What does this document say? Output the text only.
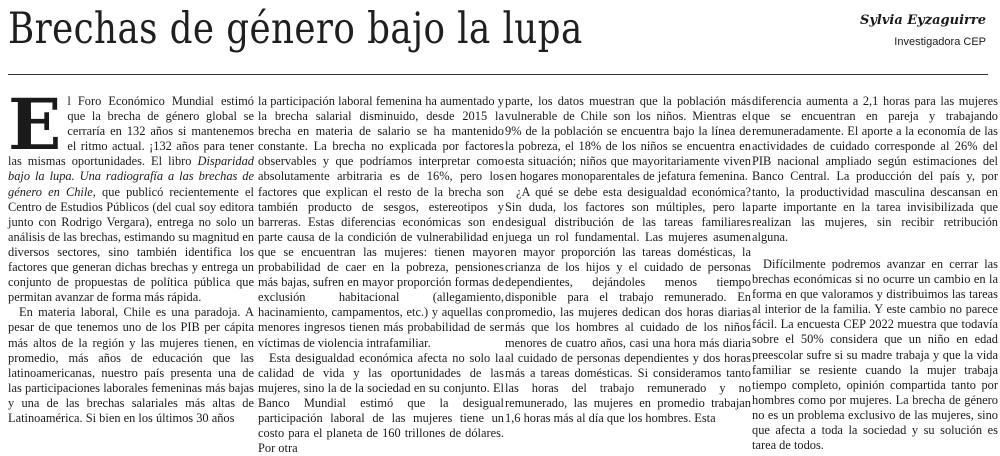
Brechas de género bajo la lupa	Sylvia Eyzaguirre
Investigadora CEP

El Foro Económico Mundial estimó que la brecha de género global se cerraría en 132 años si mantenemos el ritmo actual. ¡132 años para tener las mismas oportunidades. El libro Disparidad bajo la lupa. Una radiografía a las brechas de género en Chile, que publicó recientemente el Centro de Estudios Públicos (del cual soy editora junto con Rodrigo Vergara), entrega no solo un análisis de las brechas, estimando su magnitud en diversos sectores, sino también identifica los factores que generan dichas brechas y entrega un conjunto de propuestas de política pública que permitan avanzar de forma más rápida.

En materia laboral, Chile es una paradoja. A pesar de que tenemos uno de los PIB per cápita más altos de la región y las mujeres tienen, en promedio, más años de educación que las latinoamericanas, nuestro país presenta una de las participaciones laborales femeninas más bajas y una de las brechas salariales más altas de Latinoamérica. Si bien en los últimos 30 años

la participación laboral femenina ha aumentado y la brecha salarial disminuido, desde 2015 la brecha en materia de salario se ha mantenido constante. La brecha no explicada por factores observables y que podríamos interpretar como absolutamente arbitraria es de 16%, pero los factores que explican el resto de la brecha son también producto de sesgos, estereotipos y barreras. Estas diferencias económicas son en parte causa de la condición de vulnerabilidad en que se encuentran las mujeres: tienen mayor probabilidad de caer en la pobreza, pensiones más bajas, sufren en mayor proporción formas de exclusión habitacional (allegamiento, hacinamiento, campamentos, etc.) y aquellas con menores ingresos tienen más probabilidad de ser víctimas de violencia intrafamiliar.

Esta desigualdad económica afecta no solo la calidad de vida y las oportunidades de las mujeres, sino la de la sociedad en su conjunto. El Banco Mundial estimó que la desigual participación laboral de las mujeres tiene un costo para el planeta de 160 trillones de dólares. Por otra

parte, los datos muestran que la población más vulnerable de Chile son los niños. Mientras el 9% de la población se encuentra bajo la línea de la pobreza, el 18% de los niños se encuentra en esta situación; niños que mayoritariamente viven en hogares monoparentales de jefatura femenina.

¿A qué se debe esta desigualdad económica? Sin duda, los factores son múltiples, pero la desigual distribución de las tareas familiares juega un rol fundamental. Las mujeres asumen en mayor proporción las tareas domésticas, la crianza de los hijos y el cuidado de personas dependientes, dejándoles menos tiempo disponible para el trabajo remunerado. En promedio, las mujeres dedican dos horas diarias más que los hombres al cuidado de los niños menores de cuatro años, casi una hora más diaria al cuidado de personas dependientes y dos horas más a tareas domésticas. Si consideramos tanto las horas del trabajo remunerado y no remunerado, las mujeres en promedio trabajan 1,6 horas más al día que los hombres. Esta

diferencia aumenta a 2,1 horas para las mujeres que se encuentran en pareja y trabajando remuneradamente. El aporte a la economía de las actividades de cuidado corresponde al 26% del PIB nacional ampliado según estimaciones del Banco Central. La producción del país y, por tanto, la productividad masculina descansan en parte importante en la tarea invisibilizada que realizan las mujeres, sin recibir retribución alguna.

Difícilmente podremos avanzar en cerrar las brechas económicas si no ocurre un cambio en la forma en que valoramos y distribuimos las tareas al interior de la familia. Y este cambio no parece fácil. La encuesta CEP 2022 muestra que todavía sobre el 50% considera que un niño en edad preescolar sufre si su madre trabaja y que la vida familiar se resiente cuando la mujer trabaja tiempo completo, opinión compartida tanto por hombres como por mujeres. La brecha de género no es un problema exclusivo de las mujeres, sino que afecta a toda la sociedad y su solución es tarea de todos.
